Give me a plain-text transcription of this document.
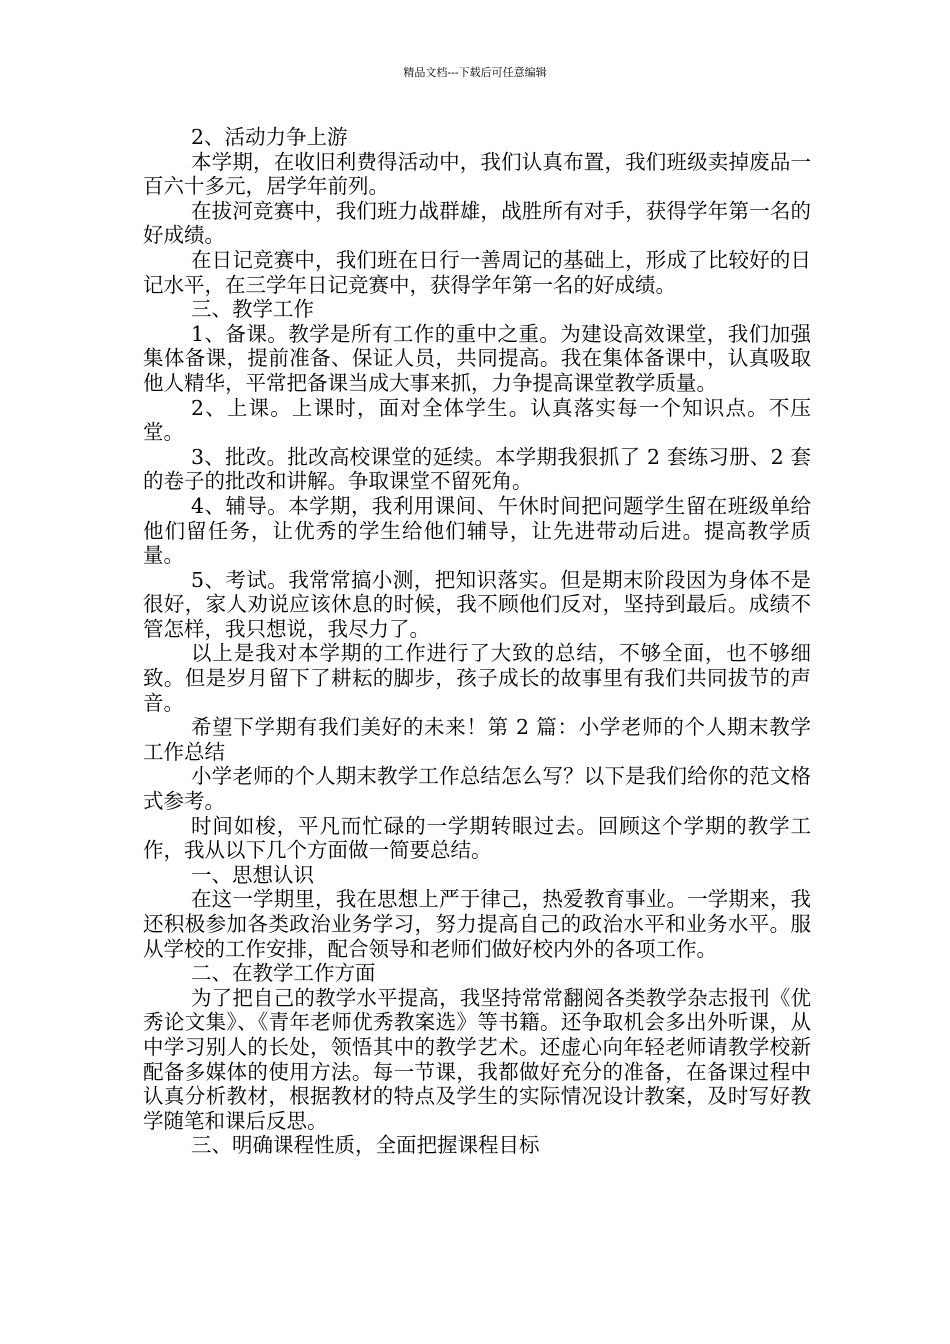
精品文档---下载后可任意编辑

2、活动力争上游

本学期，在收旧利费得活动中，我们认真布置，我们班级卖掉废品一百六十多元，居学年前列。

在拔河竞赛中，我们班力战群雄，战胜所有对手，获得学年第一名的好成绩。

在日记竞赛中，我们班在日行一善周记的基础上，形成了比较好的日记水平，在三学年日记竞赛中，获得学年第一名的好成绩。

三、教学工作

1、备课。教学是所有工作的重中之重。为建设高效课堂，我们加强集体备课，提前准备、保证人员，共同提高。我在集体备课中，认真吸取他人精华，平常把备课当成大事来抓，力争提高课堂教学质量。

2、上课。上课时，面对全体学生。认真落实每一个知识点。不压堂。

3、批改。批改高校课堂的延续。本学期我狠抓了 2 套练习册、2 套的卷子的批改和讲解。争取课堂不留死角。

4、辅导。本学期，我利用课间、午休时间把问题学生留在班级单给他们留任务，让优秀的学生给他们辅导，让先进带动后进。提高教学质量。

5、考试。我常常搞小测，把知识落实。但是期末阶段因为身体不是很好，家人劝说应该休息的时候，我不顾他们反对，坚持到最后。成绩不管怎样，我只想说，我尽力了。

以上是我对本学期的工作进行了大致的总结，不够全面，也不够细致。但是岁月留下了耕耘的脚步，孩子成长的故事里有我们共同拔节的声音。

希望下学期有我们美好的未来！第 2 篇：小学老师的个人期末教学工作总结

小学老师的个人期末教学工作总结怎么写？以下是我们给你的范文格式参考。

时间如梭，平凡而忙碌的一学期转眼过去。回顾这个学期的教学工作，我从以下几个方面做一简要总结。

一、思想认识

在这一学期里，我在思想上严于律己，热爱教育事业。一学期来，我还积极参加各类政治业务学习，努力提高自己的政治水平和业务水平。服从学校的工作安排，配合领导和老师们做好校内外的各项工作。

二、在教学工作方面

为了把自己的教学水平提高，我坚持常常翻阅各类教学杂志报刊《优秀论文集》、《青年老师优秀教案选》等书籍。还争取机会多出外听课，从中学习别人的长处，领悟其中的教学艺术。还虚心向年轻老师请教学校新配备多媒体的使用方法。每一节课，我都做好充分的准备，在备课过程中认真分析教材，根据教材的特点及学生的实际情况设计教案，及时写好教学随笔和课后反思。

三、明确课程性质，全面把握课程目标
